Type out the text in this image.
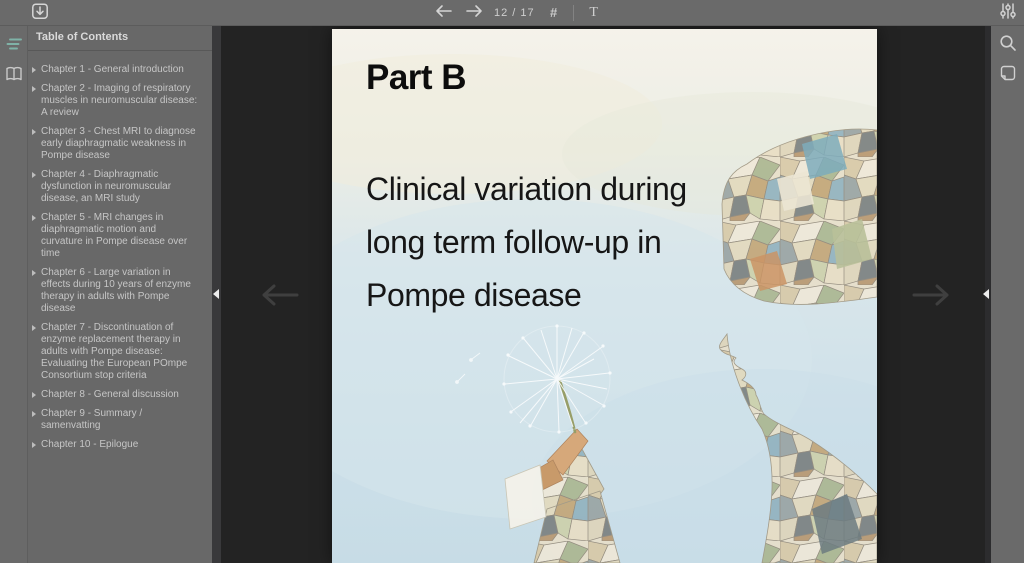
12 / 17	#	T
Table of Contents
Chapter 1 - General introduction
Chapter 2 - Imaging of respiratory muscles in neuromuscular disease: A review
Chapter 3 - Chest MRI to diagnose early diaphragmatic weakness in Pompe disease
Chapter 4 - Diaphragmatic dysfunction in neuromuscular disease, an MRI study
Chapter 5 - MRI changes in diaphragmatic motion and curvature in Pompe disease over time
Chapter 6 - Large variation in effects during 10 years of enzyme therapy in adults with Pompe disease
Chapter 7 - Discontinuation of enzyme replacement therapy in adults with Pompe disease: Evaluating the European POmpe Consortium stop criteria
Chapter 8 - General discussion
Chapter 9 - Summary / samenvatting
Chapter 10 - Epilogue
Part B
Clinical variation during
long term follow-up in
Pompe disease
